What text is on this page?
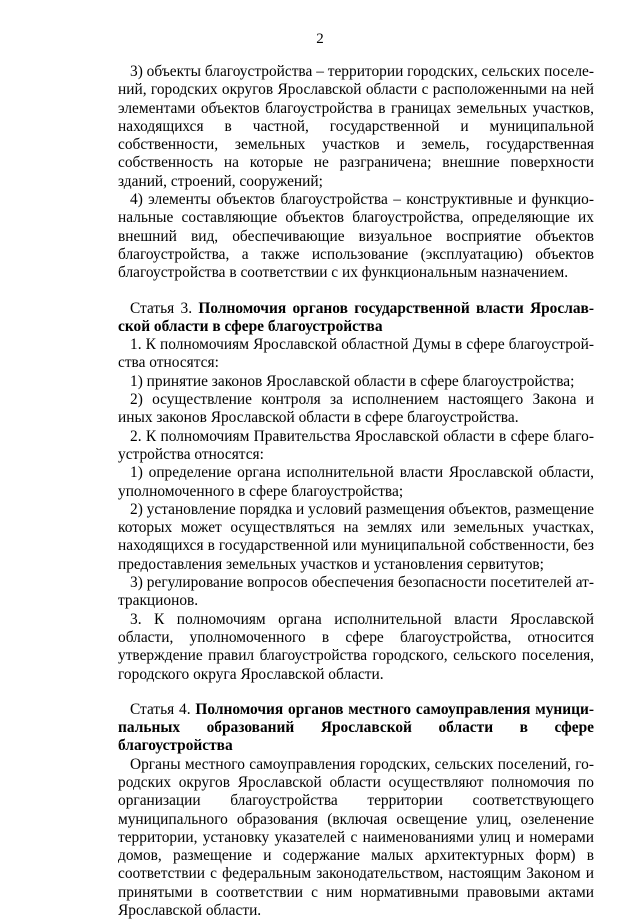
2

3) объекты благоустройства – территории городских, сельских поселений, городских округов Ярославской области с расположенными на ней элементами объектов благоустройства в границах земельных участков, находящихся в частной, государственной и муниципальной собственности, земельных участков и земель, государственная собственность на которые не разграничена; внешние поверхности зданий, строений, сооружений;

4) элементы объектов благоустройства – конструктивные и функциональные составляющие объектов благоустройства, определяющие их внешний вид, обеспечивающие визуальное восприятие объектов благоустройства, а также использование (эксплуатацию) объектов благоустройства в соответствии с их функциональным назначением.

Статья 3. Полномочия органов государственной власти Ярославской области в сфере благоустройства

1. К полномочиям Ярославской областной Думы в сфере благоустройства относятся:

1) принятие законов Ярославской области в сфере благоустройства;

2) осуществление контроля за исполнением настоящего Закона и иных законов Ярославской области в сфере благоустройства.

2. К полномочиям Правительства Ярославской области в сфере благоустройства относятся:

1) определение органа исполнительной власти Ярославской области, уполномоченного в сфере благоустройства;

2) установление порядка и условий размещения объектов, размещение которых может осуществляться на землях или земельных участках, находящихся в государственной или муниципальной собственности, без предоставления земельных участков и установления сервитутов;

3) регулирование вопросов обеспечения безопасности посетителей аттракционов.

3. К полномочиям органа исполнительной власти Ярославской области, уполномоченного в сфере благоустройства, относится утверждение правил благоустройства городского, сельского поселения, городского округа Ярославской области.

Статья 4. Полномочия органов местного самоуправления муниципальных образований Ярославской области в сфере благоустройства

Органы местного самоуправления городских, сельских поселений, городских округов Ярославской области осуществляют полномочия по организации благоустройства территории соответствующего муниципального образования (включая освещение улиц, озеленение территории, установку указателей с наименованиями улиц и номерами домов, размещение и содержание малых архитектурных форм) в соответствии с федеральным законодательством, настоящим Законом и принятыми в соответствии с ним нормативными правовыми актами Ярославской области.
